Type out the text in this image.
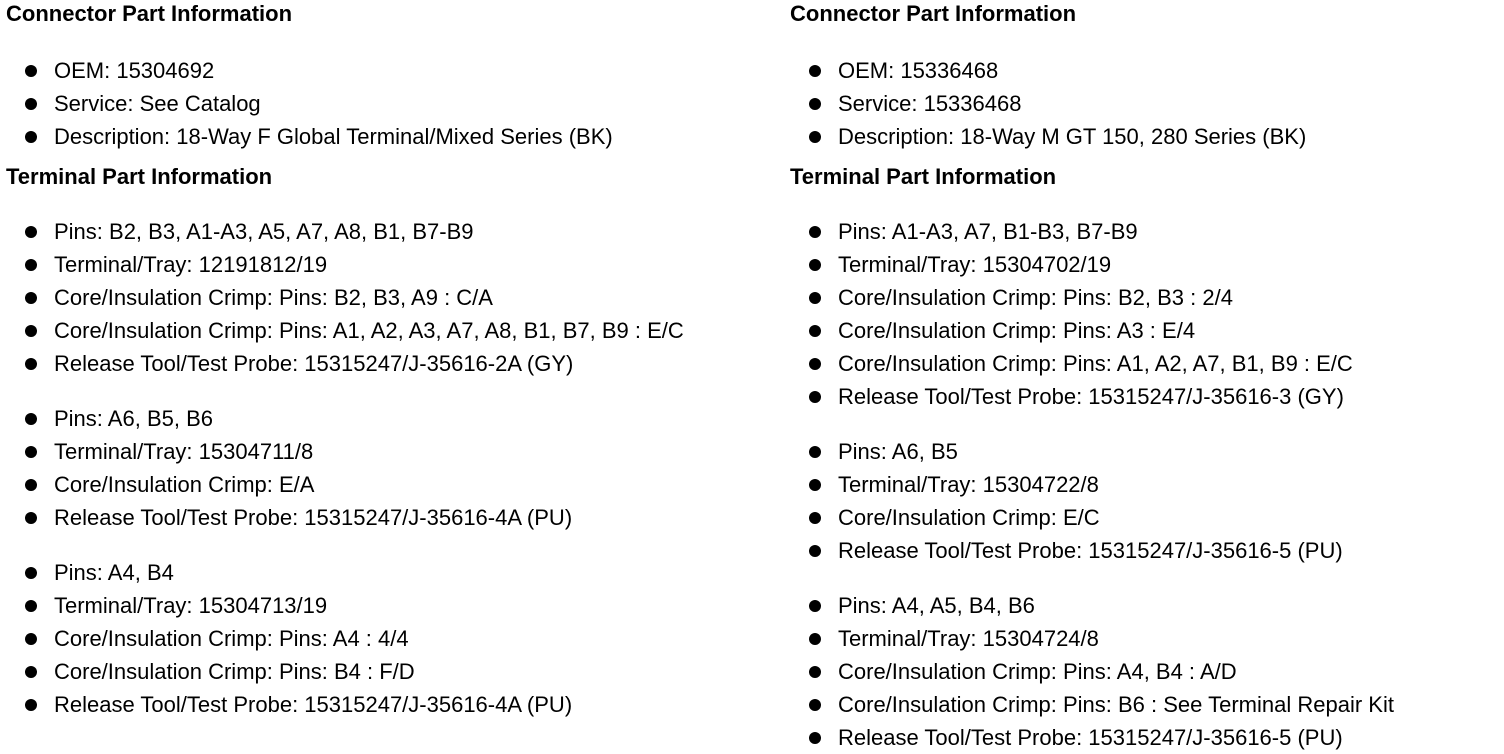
Connector Part Information
OEM: 15304692
Service: See Catalog
Description: 18-Way F Global Terminal/Mixed Series (BK)
Terminal Part Information
Pins: B2, B3, A1-A3, A5, A7, A8, B1, B7-B9
Terminal/Tray: 12191812/19
Core/Insulation Crimp: Pins: B2, B3, A9 : C/A
Core/Insulation Crimp: Pins: A1, A2, A3, A7, A8, B1, B7, B9 : E/C
Release Tool/Test Probe: 15315247/J-35616-2A (GY)
Pins: A6, B5, B6
Terminal/Tray: 15304711/8
Core/Insulation Crimp: E/A
Release Tool/Test Probe: 15315247/J-35616-4A (PU)
Pins: A4, B4
Terminal/Tray: 15304713/19
Core/Insulation Crimp: Pins: A4 : 4/4
Core/Insulation Crimp: Pins: B4 : F/D
Release Tool/Test Probe: 15315247/J-35616-4A (PU)
Connector Part Information
OEM: 15336468
Service: 15336468
Description: 18-Way M GT 150, 280 Series (BK)
Terminal Part Information
Pins: A1-A3, A7, B1-B3, B7-B9
Terminal/Tray: 15304702/19
Core/Insulation Crimp: Pins: B2, B3 : 2/4
Core/Insulation Crimp: Pins: A3 : E/4
Core/Insulation Crimp: Pins: A1, A2, A7, B1, B9 : E/C
Release Tool/Test Probe: 15315247/J-35616-3 (GY)
Pins: A6, B5
Terminal/Tray: 15304722/8
Core/Insulation Crimp: E/C
Release Tool/Test Probe: 15315247/J-35616-5 (PU)
Pins: A4, A5, B4, B6
Terminal/Tray: 15304724/8
Core/Insulation Crimp: Pins: A4, B4 : A/D
Core/Insulation Crimp: Pins: B6 : See Terminal Repair Kit
Release Tool/Test Probe: 15315247/J-35616-5 (PU)
